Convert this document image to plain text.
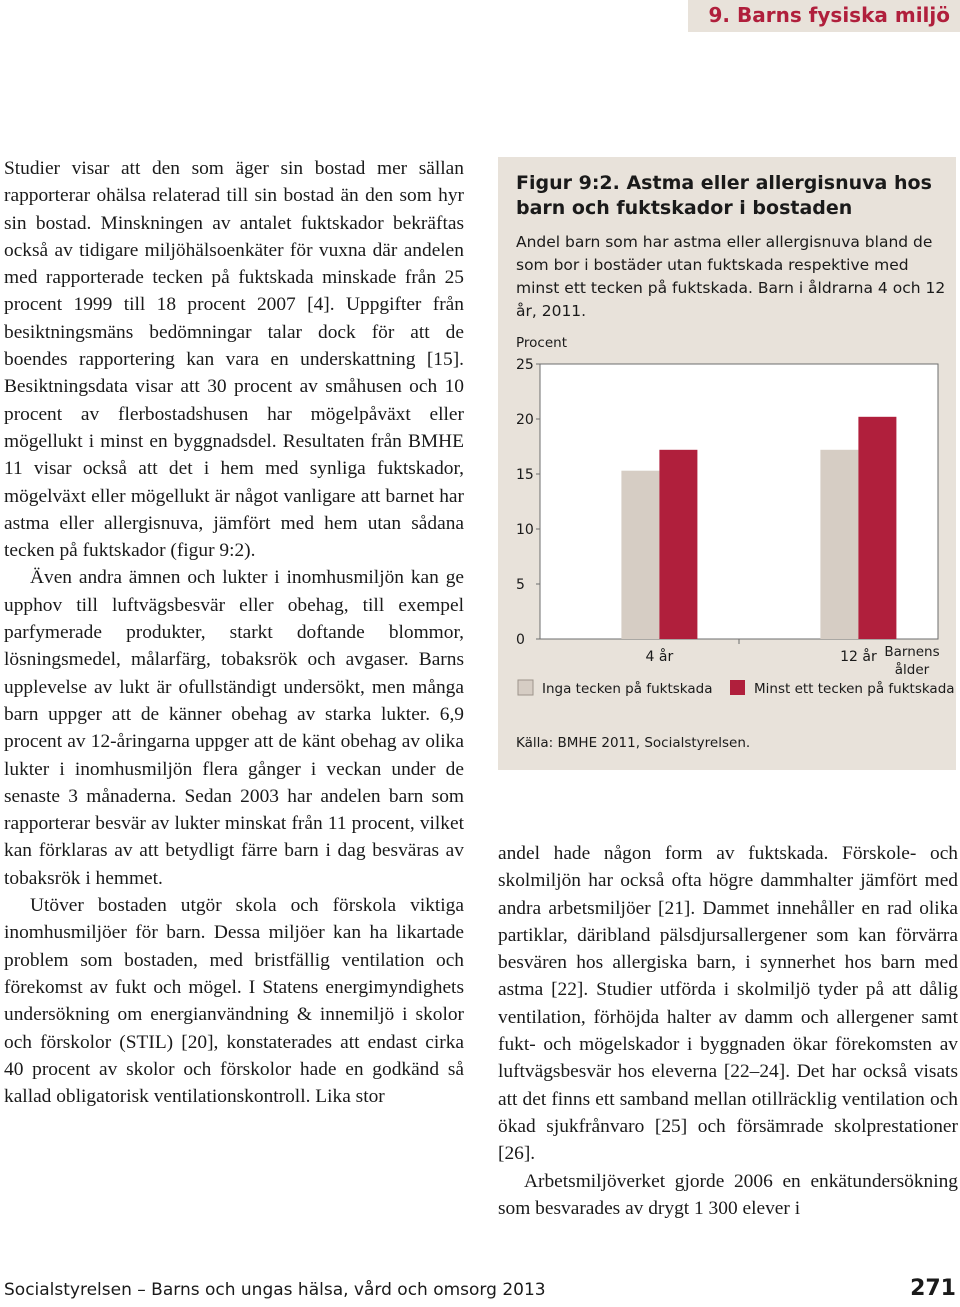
9. Barns fysiska miljö

Studier visar att den som äger sin bostad mer sällan rapporterar ohälsa relaterad till sin bostad än den som hyr sin bostad. Minskningen av antalet fuktskador bekräftas också av tidigare miljöhälsoenkäter för vuxna där andelen med rapporterade tecken på fuktskada minskade från 25 procent 1999 till 18 procent 2007 [4]. Uppgifter från besiktningsmäns bedömningar talar dock för att de boendes rapportering kan vara en underskattning [15]. Besiktningsdata visar att 30 procent av småhusen och 10 procent av flerbostadshusen har mögelpåväxt eller mögellukt i minst en byggnadsdel. Resultaten från BMHE 11 visar också att det i hem med synliga fuktskador, mögelväxt eller mögellukt är något vanligare att barnet har astma eller allergisnuva, jämfört med hem utan sådana tecken på fuktskador (figur 9:2).

Även andra ämnen och lukter i inomhusmiljön kan ge upphov till luftvägsbesvär eller obehag, till exempel parfymerade produkter, starkt doftande blommor, lösningsmedel, målarfärg, tobaksrök och avgaser. Barns upplevelse av lukt är ofullständigt undersökt, men många barn uppger att de känner obehag av starka lukter. 6,9 procent av 12-åringarna uppger att de känt obehag av olika lukter i inomhusmiljön flera gånger i veckan under de senaste 3 månaderna. Sedan 2003 har andelen barn som rapporterar besvär av lukter minskat från 11 procent, vilket kan förklaras av att betydligt färre barn i dag besväras av tobaksrök i hemmet.

Utöver bostaden utgör skola och förskola viktiga inomhusmiljöer för barn. Dessa miljöer kan ha likartade problem som bostaden, med bristfällig ventilation och förekomst av fukt och mögel. I Statens energimyndighets undersökning om energianvändning & innemiljö i skolor och förskolor (STIL) [20], konstaterades att endast cirka 40 procent av skolor och förskolor hade en godkänd så kallad obligatorisk ventilationskontroll. Lika stor

Figur 9:2. Astma eller allergisnuva hos barn och fuktskador i bostaden
Andel barn som har astma eller allergisnuva bland de som bor i bostäder utan fuktskada respektive med minst ett tecken på fuktskada. Barn i åldrarna 4 och 12 år, 2011.
Procent
0
5
10
15
20
25
4 år	12 år Barnens ålder
Inga tecken på fuktskada	Minst ett tecken på fuktskada
Källa: BMHE 2011, Socialstyrelsen.

andel hade någon form av fuktskada. Förskole- och skolmiljön har också ofta högre dammhalter jämfört med andra arbetsmiljöer [21]. Dammet innehåller en rad olika partiklar, däribland pälsdjursallergener som kan förvärra besvären hos allergiska barn, i synnerhet hos barn med astma [22]. Studier utförda i skolmiljö tyder på att dålig ventilation, förhöjda halter av damm och allergener samt fukt- och mögelskador i byggnaden ökar förekomsten av luftvägsbesvär hos eleverna [22–24]. Det har också visats att det finns ett samband mellan otillräcklig ventilation och ökad sjukfrånvaro [25] och försämrade skolprestationer [26].

Arbetsmiljöverket gjorde 2006 en enkätundersökning som besvarades av drygt 1 300 elever i

Socialstyrelsen – Barns och ungas hälsa, vård och omsorg 2013	271
